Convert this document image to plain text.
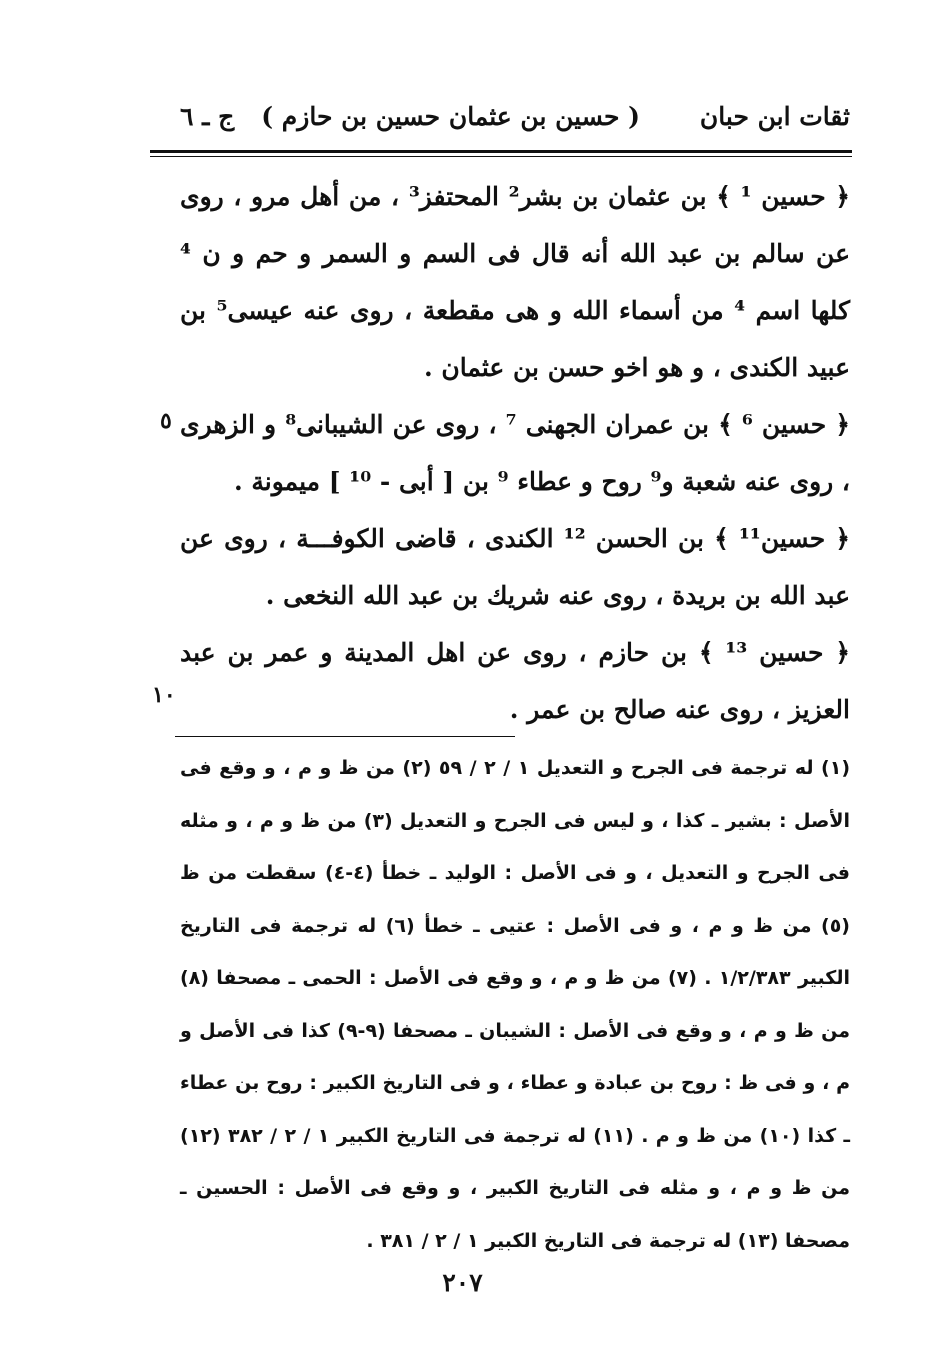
ثقات ابن حبان
( حسين بن عثمان حسين بن حازم )
ج ـ ٦

﴿ حسين ¹ ﴾ بن عثمان بن بشر² المحتفز³ ، من أهل مرو ، روى عن سالم بن عبد الله أنه قال فى السم و السمر و حم و ن ⁴ كلها اسم ⁴ من أسماء الله و هى مقطعة ، روى عنه عيسى⁵ بن عبيد الكندى ، و هو اخو حسن بن عثمان .

﴿ حسين ⁶ ﴾ بن عمران الجهنى ⁷ ، روى عن الشيبانى⁸ و الزهرى ، روى عنه شعبة و⁹ روح و عطاء ⁹ بن [ أبى - ¹⁰ ] ميمونة .

﴿ حسين¹¹ ﴾ بن الحسن ¹² الكندى ، قاضى الكوفـــة ، روى عن عبد الله بن بريدة ، روى عنه شريك بن عبد الله النخعى .

﴿ حسين ¹³ ﴾ بن حازم ، روى عن اهل المدينة و عمر بن عبد العزيز ، روى عنه صالح بن عمر .

٥
١٠

(١) له ترجمة فى الجرح و التعديل ١ / ٢ / ٥٩ (٢) من ظ و م ، و وقع فى الأصل : بشير ـ كذا ، و ليس فى الجرح و التعديل (٣) من ظ و م ، و مثله فى الجرح و التعديل ، و فى الأصل : الوليد ـ خطأ (٤-٤) سقطت من ظ (٥) من ظ و م ، و فى الأصل : عتيى ـ خطأ (٦) له ترجمة فى التاريخ الكبير ١/٢/٣٨٣ . (٧) من ظ و م ، و وقع فى الأصل : الحمى ـ مصحفا (٨) من ظ و م ، و وقع فى الأصل : الشيبان ـ مصحفا (٩-٩) كذا فى الأصل و م ، و فى ظ : روح بن عبادة و عطاء ، و فى التاريخ الكبير : روح بن عطاء ـ كذا (١٠) من ظ و م . (١١) له ترجمة فى التاريخ الكبير ١ / ٢ / ٣٨٢ (١٢) من ظ و م ، و مثله فى التاريخ الكبير ، و وقع فى الأصل : الحسين ـ مصحفا (١٣) له ترجمة فى التاريخ الكبير ١ / ٢ / ٣٨١ .

٢٠٧
